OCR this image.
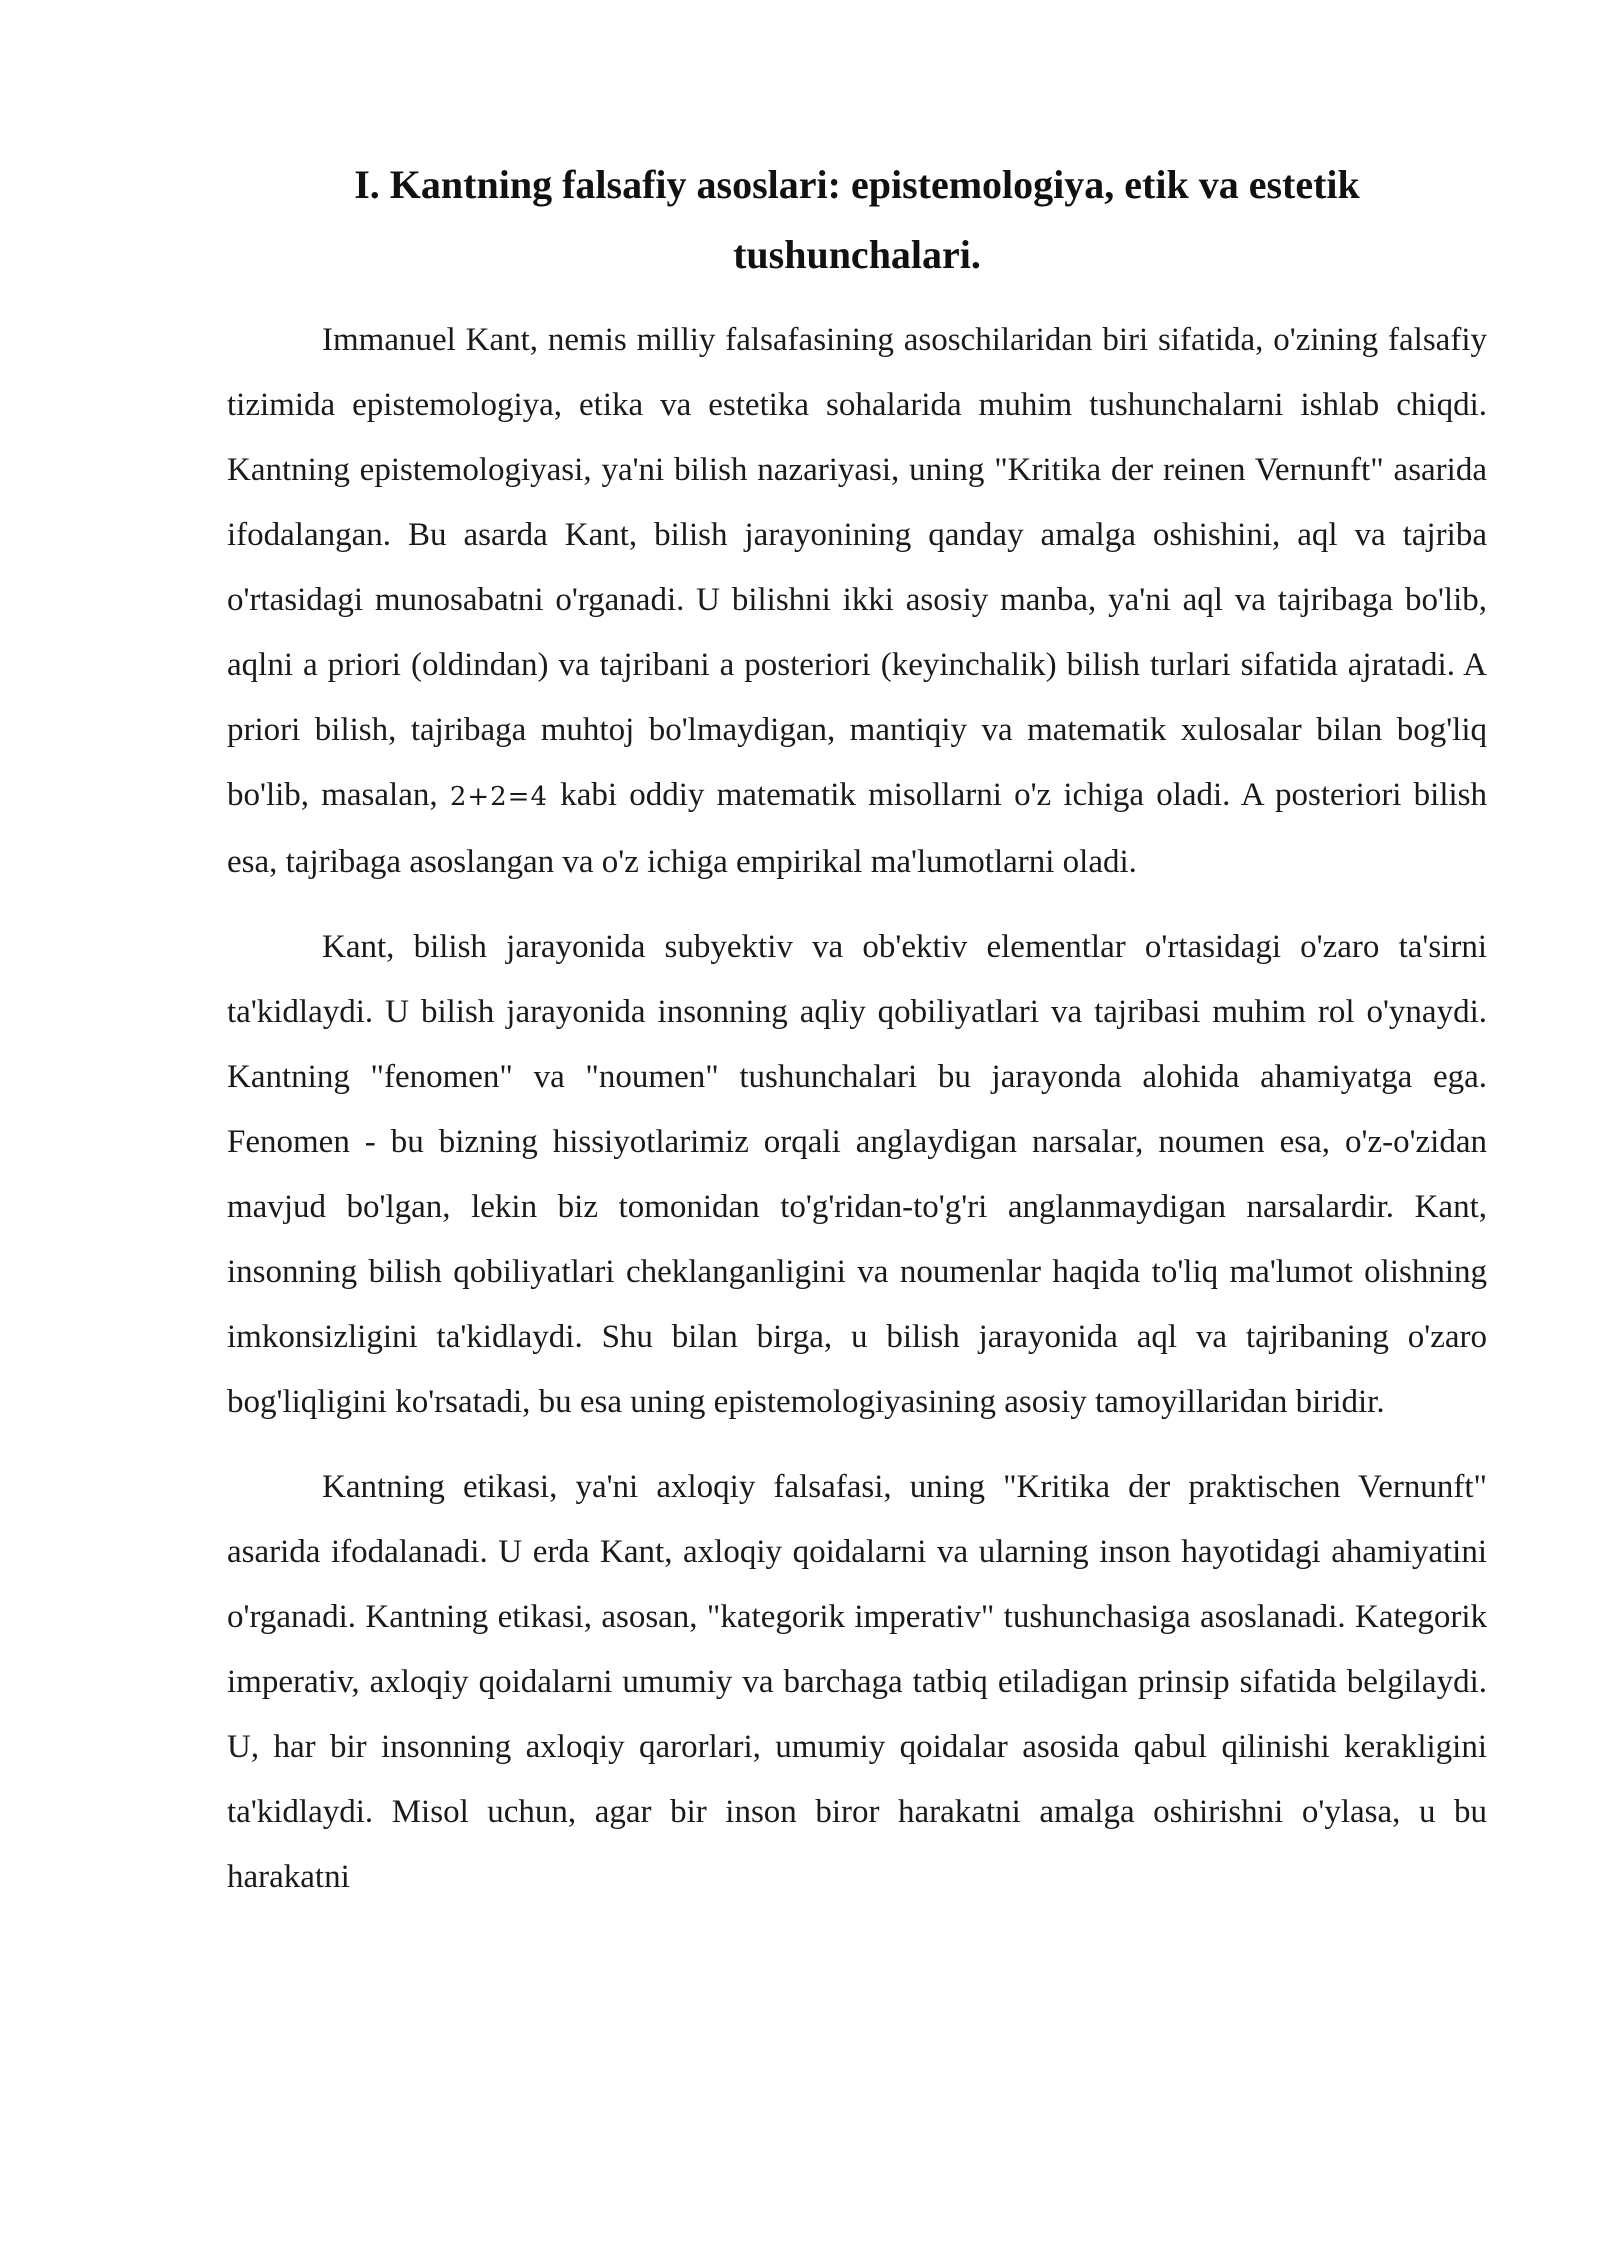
I. Kantning falsafiy asoslari: epistemologiya, etik va estetik
tushunchalari.

Immanuel Kant, nemis milliy falsafasining asoschilaridan biri sifatida, o'zining falsafiy tizimida epistemologiya, etika va estetika sohalarida muhim tushunchalarni ishlab chiqdi. Kantning epistemologiyasi, ya'ni bilish nazariyasi, uning "Kritika der reinen Vernunft" asarida ifodalangan. Bu asarda Kant, bilish jarayonining qanday amalga oshishini, aql va tajriba o'rtasidagi munosabatni o'rganadi. U bilishni ikki asosiy manba, ya'ni aql va tajribaga bo'lib, aqlni a priori (oldindan) va tajribani a posteriori (keyinchalik) bilish turlari sifatida ajratadi. A priori bilish, tajribaga muhtoj bo'lmaydigan, mantiqiy va matematik xulosalar bilan bog'liq bo'lib, masalan, 2+2=4 kabi oddiy matematik misollarni o'z ichiga oladi. A posteriori bilish esa, tajribaga asoslangan va o'z ichiga empirikal ma'lumotlarni oladi.

Kant, bilish jarayonida subyektiv va ob'ektiv elementlar o'rtasidagi o'zaro ta'sirni ta'kidlaydi. U bilish jarayonida insonning aqliy qobiliyatlari va tajribasi muhim rol o'ynaydi. Kantning "fenomen" va "noumen" tushunchalari bu jarayonda alohida ahamiyatga ega. Fenomen - bu bizning hissiyotlarimiz orqali anglaydigan narsalar, noumen esa, o'z-o'zidan mavjud bo'lgan, lekin biz tomonidan to'g'ridan-to'g'ri anglanmaydigan narsalardir. Kant, insonning bilish qobiliyatlari cheklanganligini va noumenlar haqida to'liq ma'lumot olishning imkonsizligini ta'kidlaydi. Shu bilan birga, u bilish jarayonida aql va tajribaning o'zaro bog'liqligini ko'rsatadi, bu esa uning epistemologiyasining asosiy tamoyillaridan biridir.

Kantning etikasi, ya'ni axloqiy falsafasi, uning "Kritika der praktischen Vernunft" asarida ifodalanadi. U erda Kant, axloqiy qoidalarni va ularning inson hayotidagi ahamiyatini o'rganadi. Kantning etikasi, asosan, "kategorik imperativ" tushunchasiga asoslanadi. Kategorik imperativ, axloqiy qoidalarni umumiy va barchaga tatbiq etiladigan prinsip sifatida belgilaydi. U, har bir insonning axloqiy qarorlari, umumiy qoidalar asosida qabul qilinishi kerakligini ta'kidlaydi. Misol uchun, agar bir inson biror harakatni amalga oshirishni o'ylasa, u bu harakatni
